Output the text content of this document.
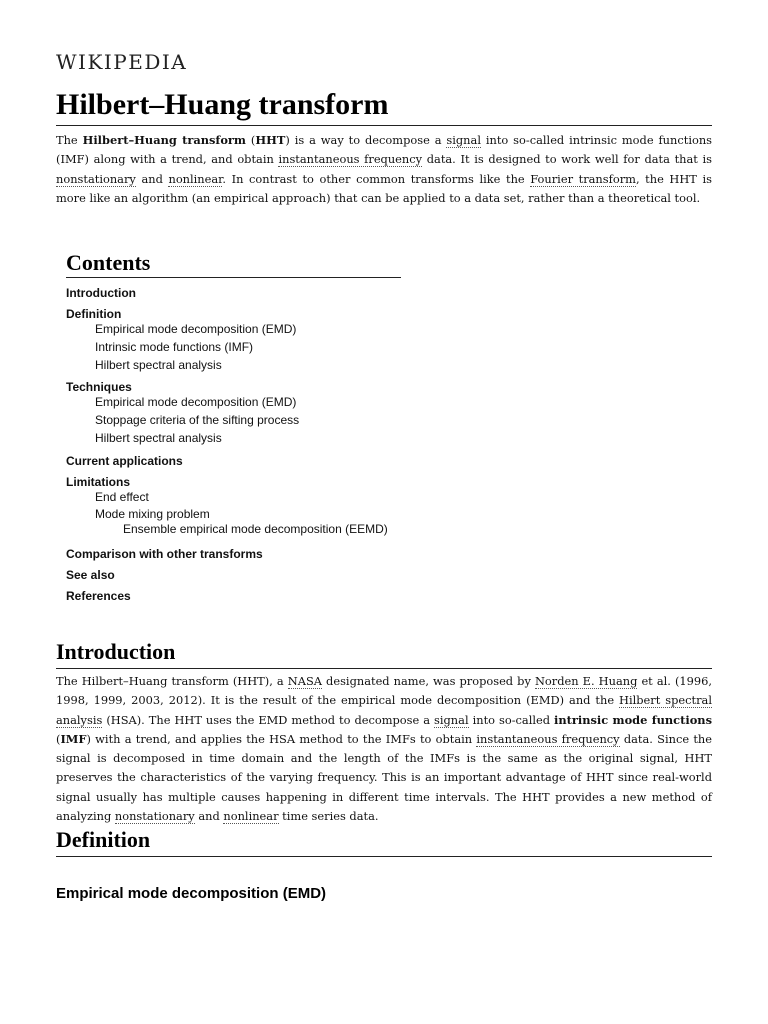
WIKIPEDIA
Hilbert–Huang transform

The Hilbert–Huang transform (HHT) is a way to decompose a signal into so-called intrinsic mode functions (IMF) along with a trend, and obtain instantaneous frequency data. It is designed to work well for data that is nonstationary and nonlinear. In contrast to other common transforms like the Fourier transform, the HHT is more like an algorithm (an empirical approach) that can be applied to a data set, rather than a theoretical tool.

Contents
Introduction
Definition
Empirical mode decomposition (EMD)
Intrinsic mode functions (IMF)
Hilbert spectral analysis
Techniques
Empirical mode decomposition (EMD)
Stoppage criteria of the sifting process
Hilbert spectral analysis
Current applications
Limitations
End effect
Mode mixing problem
Ensemble empirical mode decomposition (EEMD)
Comparison with other transforms
See also
References
Introduction

The Hilbert–Huang transform (HHT), a NASA designated name, was proposed by Norden E. Huang et al. (1996, 1998, 1999, 2003, 2012). It is the result of the empirical mode decomposition (EMD) and the Hilbert spectral analysis (HSA). The HHT uses the EMD method to decompose a signal into so-called intrinsic mode functions (IMF) with a trend, and applies the HSA method to the IMFs to obtain instantaneous frequency data. Since the signal is decomposed in time domain and the length of the IMFs is the same as the original signal, HHT preserves the characteristics of the varying frequency. This is an important advantage of HHT since real-world signal usually has multiple causes happening in different time intervals. The HHT provides a new method of analyzing nonstationary and nonlinear time series data.

Definition
Empirical mode decomposition (EMD)
